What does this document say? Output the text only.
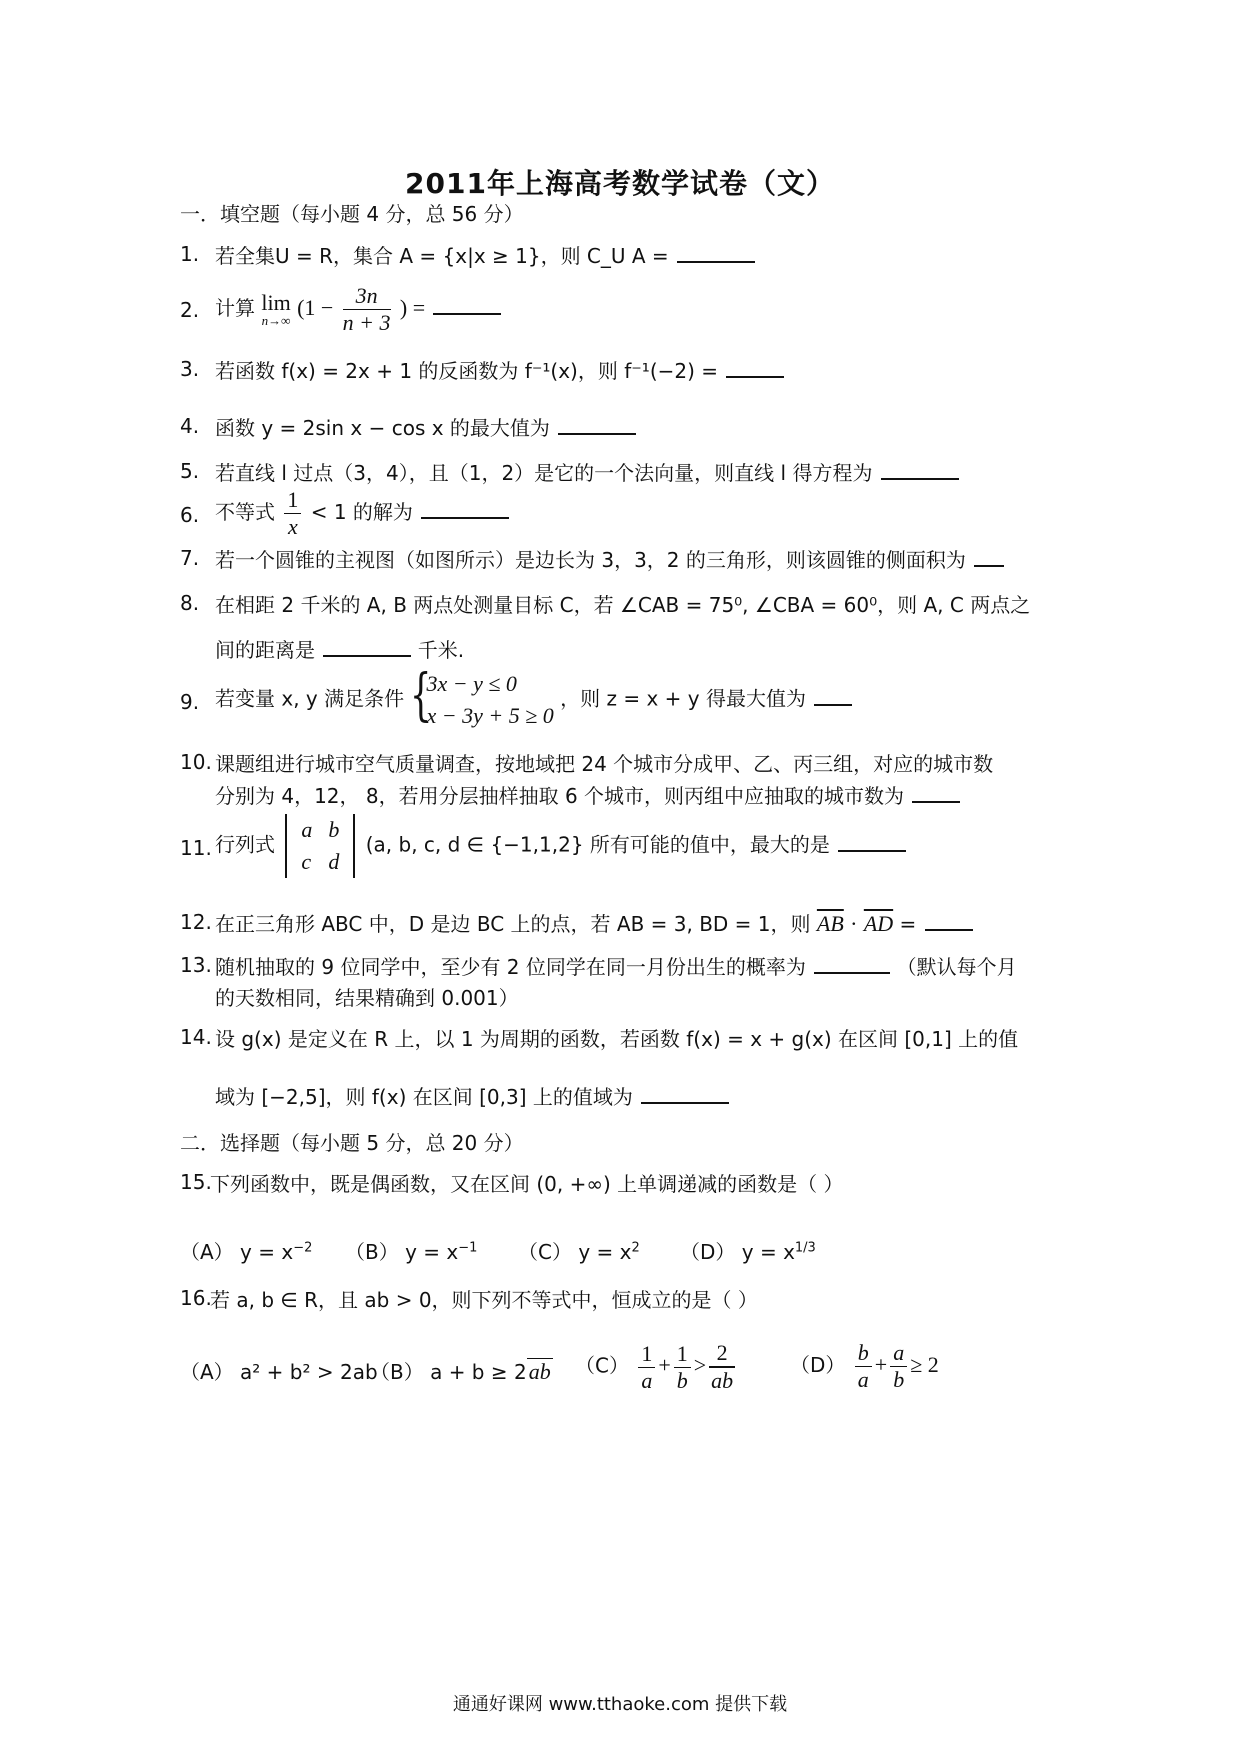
2011年上海高考数学试卷（文）
一．填空题（每小题 4 分，总 56 分）
1. 若全集U = R，集合 A = {x|x ≥ 1}，则 C_U A =
2. 计算 lim
n→∞ ($1 - \frac{3n}{n + 3}$ ) =
3. 若函数 f(x) = 2x + 1 的反函数为 f⁻¹(x)，则 f⁻¹(−2) =
4. 函数 y = 2sin x − cos x 的最大值为
5. 若直线 l 过点（3，4），且（1，2）是它的一个法向量，则直线 l 得方程为
6. 不等式 $\frac{1}{x} < 1$ 的解为
7. 若一个圆锥的主视图（如图所示）是边长为 3，3，2 的三角形，则该圆锥的侧面积为
8. 在相距 2 千米的 A, B 两点处测量目标 C，若 ∠CAB = 75⁰, ∠CBA = 60⁰，则 A, C 两点之
间的距离是	千米.
9. 若变量 x, y 满足条件 {
3x − y ≤ 0
x − 3y + 5 ≥ 0
，则 z = x + y 得最大值为
10. 课题组进行城市空气质量调查，按地域把 24 个城市分成甲、乙、丙三组，对应的城市数
分别为 4，12， 8，若用分层抽样抽取 6 个城市，则丙组中应抽取的城市数为
11. 行列式
a	b
c	d
(a, b, c, d ∈ {−1,1,2} 所有可能的值中，最大的是
12. 在正三角形 ABC 中，D 是边 BC 上的点，若 AB = 3, BD = 1，则 $\overline{AB} \cdot \overline{AD}$ =
13. 随机抽取的 9 位同学中，至少有 2 位同学在同一月份出生的概率为	（默认每个月
的天数相同，结果精确到 0.001）
14. 设 g(x) 是定义在 R 上，以 1 为周期的函数，若函数 f(x) = x + g(x) 在区间 [0,1] 上的值
域为 [−2,5]，则 f(x) 在区间 [0,3] 上的值域为
二．选择题（每小题 5 分，总 20 分）
15.
下列函数中，既是偶函数，又在区间 (0, +∞) 上单调递减的函数是（ ）
（A） $y = x^{-2}$ （B） $y = x^{-1}$ （C） $y = x^2$ （D） $y = x^{1/3}$
16.
若 a, b ∈ R，且 ab > 0，则下列不等式中，恒成立的是（ ）
（A） a² + b² > 2ab
（B） a + b ≥ 2ab $(C) \frac{1}{a} + \frac{1}{b} > \frac{2}{ab}$	$(D) \frac{b}{a} + \frac{a}{b} \ge 2$
通通好课网 www.tthaoke.com 提供下载
